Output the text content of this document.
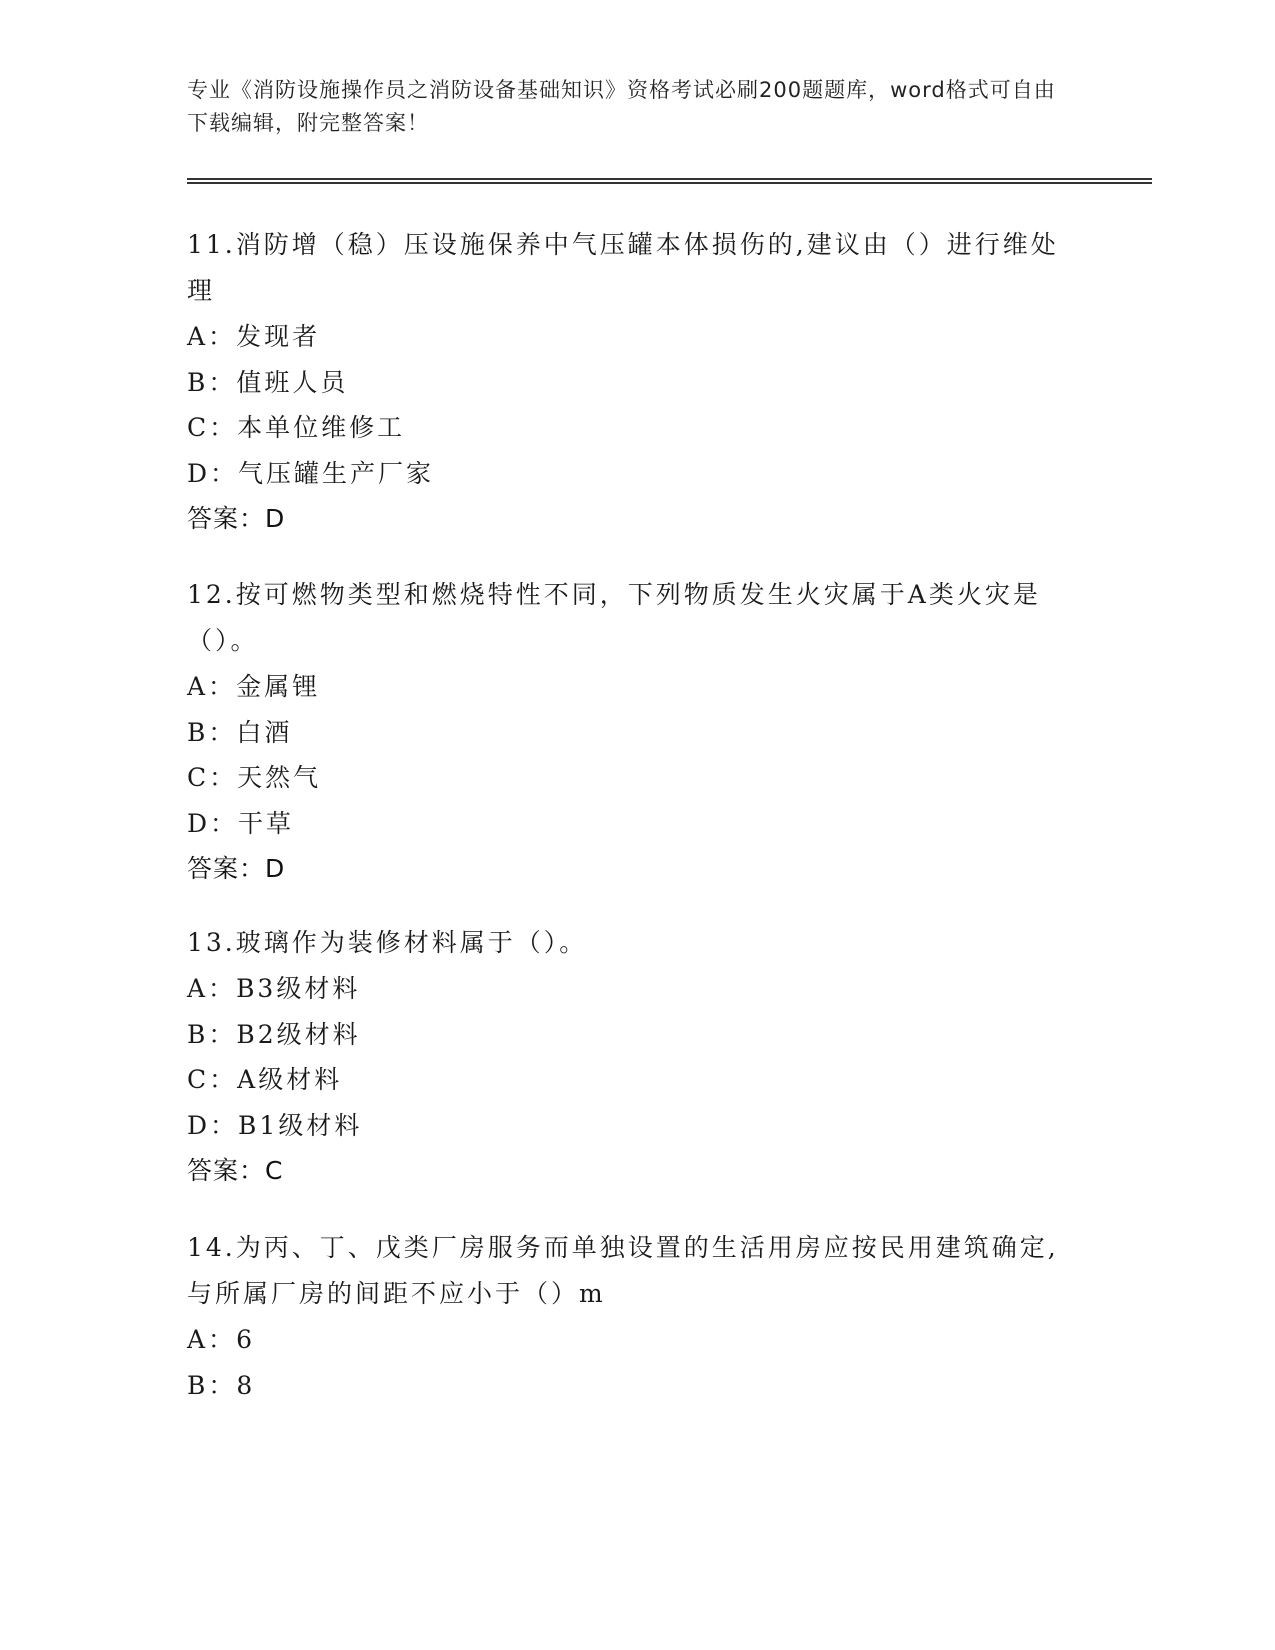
专业《消防设施操作员之消防设备基础知识》资格考试必刷200题题库，word格式可自由下载编辑，附完整答案！

11.消防增（稳）压设施保养中气压罐本体损伤的,建议由（）进行维处理

A：发现者

B：值班人员

C：本单位维修工

D：气压罐生产厂家

答案：D

12.按可燃物类型和燃烧特性不同，下列物质发生火灾属于A类火灾是（）。

A：金属锂

B：白酒

C：天然气

D：干草

答案：D

13.玻璃作为装修材料属于（）。

A：B3级材料

B：B2级材料

C：A级材料

D：B1级材料

答案：C

14.为丙、丁、戊类厂房服务而单独设置的生活用房应按民用建筑确定,与所属厂房的间距不应小于（）m

A：6

B：8
